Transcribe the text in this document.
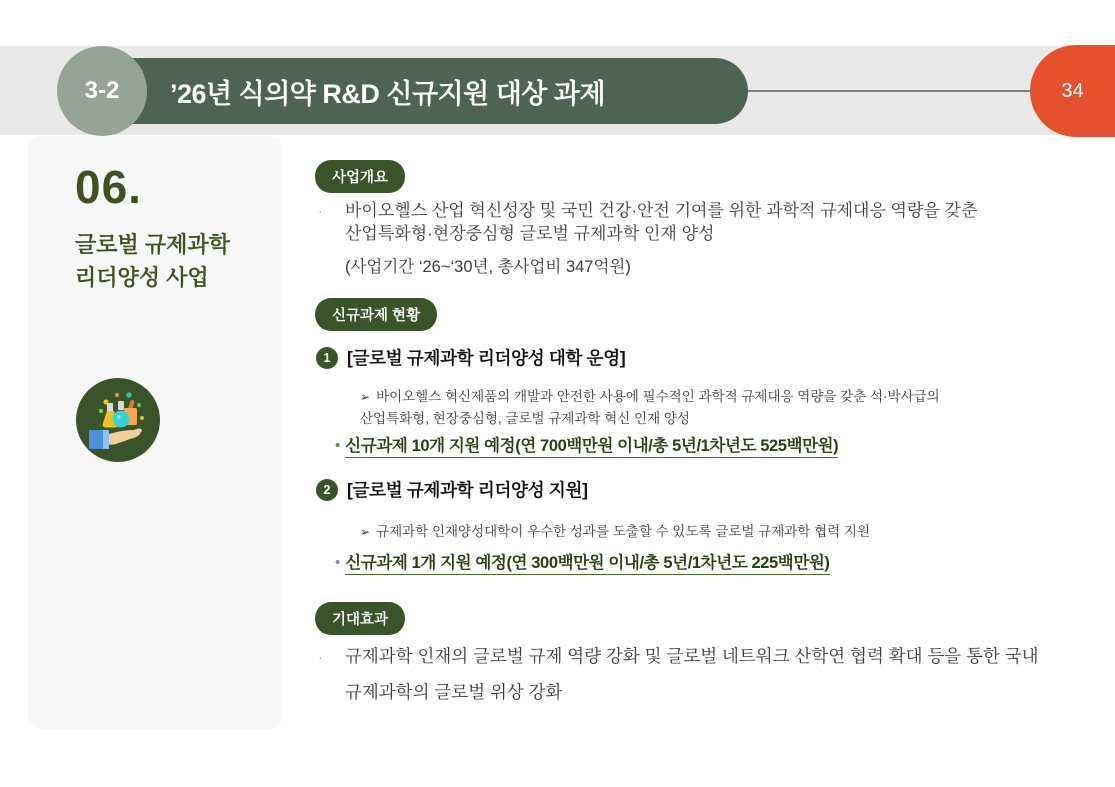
’26년 식의약 R&D 신규지원 대상 과제
3-2	34
06.
글로벌 규제과학
리더양성 사업
사업개요
· 바이오헬스 산업 혁신성장 및 국민 건강·안전 기여를 위한 과학적 규제대응 역량을 갖춘 산업특화형·현장중심형 글로벌 규제과학 인재 양성
(사업기간 ‘26~‘30년, 총사업비 347억원)
신규과제 현황
1 [글로벌 규제과학 리더양성 대학 운영]
➢ 바이오헬스 혁신제품의 개발과 안전한 사용에 필수적인 과학적 규제대응 역량을 갖춘 석·박사급의 산업특화형, 현장중심형, 글로벌 규제과학 혁신 인재 양성
• 신규과제 10개 지원 예정(연 700백만원 이내/총 5년/1차년도 525백만원)
2 [글로벌 규제과학 리더양성 지원]
➢ 규제과학 인재양성대학이 우수한 성과를 도출할 수 있도록 글로벌 규제과학 협력 지원
• 신규과제 1개 지원 예정(연 300백만원 이내/총 5년/1차년도 225백만원)
기대효과
· 규제과학 인재의 글로벌 규제 역량 강화 및 글로벌 네트워크 산학연 협력 확대 등을 통한 국내 규제과학의 글로벌 위상 강화
